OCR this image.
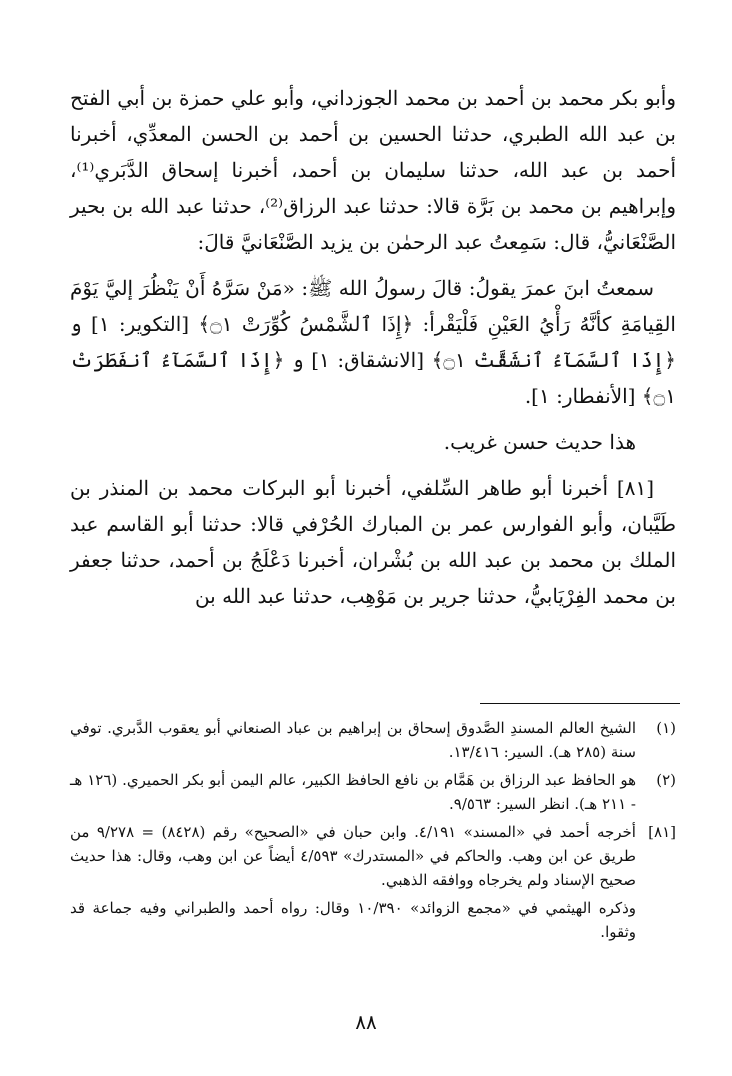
وأبو بكر محمد بن أحمد بن محمد الجوزداني، وأبو علي حمزة بن أبي الفتح بن عبد الله الطبري، حدثنا الحسين بن أحمد بن الحسن المعدِّي، أخبرنا أحمد بن عبد الله، حدثنا سليمان بن أحمد، أخبرنا إسحاق الدَّبَري⁽¹⁾، وإبراهيم بن محمد بن بَرَّة قالا: حدثنا عبد الرزاق⁽²⁾، حدثنا عبد الله بن بحير الصَّنْعَانيُّ، قال: سَمِعتُ عبد الرحمٰن بن يزيد الصَّنْعَانيَّ قالَ:

سمعتُ ابنَ عمرَ يقولُ: قالَ رسولُ الله ﷺ: «مَنْ سَرَّهُ أَنْ يَنْظُرَ إليَّ يَوْمَ القِيامَةِ كأنَّهُ رَأْيُ العَيْنِ فَلْيَقْرأ: ﴿إِذَا ٱلشَّمْسُ كُوِّرَتْ ۝١﴾ [التكوير: ١] و ﴿إِذَا ٱلسَّمَآءُ ٱنشَقَّتْ ۝١﴾ [الانشقاق: ١] و ﴿إِذَا ٱلسَّمَآءُ ٱنفَطَرَتْ ۝١﴾ [الأنفطار: ١].

هذا حديث حسن غريب.

[٨١] أخبرنا أبو طاهر السِّلفي، أخبرنا أبو البركات محمد بن المنذر بن طَيَّبان، وأبو الفوارس عمر بن المبارك الحُرْفي قالا: حدثنا أبو القاسم عبد الملك بن محمد بن عبد الله بن بُشْران، أخبرنا دَعْلَجُ بن أحمد، حدثنا جعفر بن محمد الفِرْيَابيُّ، حدثنا جرير بن مَوْهِب، حدثنا عبد الله بن

(١)
الشيخ العالم المسندِ الصَّدوق إسحاق بن إبراهيم بن عباد الصنعاني أبو يعقوب الدَّبري. توفي سنة (٢٨٥ هـ). السير: ١٣/٤١٦.
(٢)
هو الحافظ عبد الرزاق بن هَمَّام بن نافع الحافظ الكبير، عالم اليمن أبو بكر الحميري. (١٢٦ هـ - ٢١١ هـ). انظر السير: ٩/٥٦٣.
[٨١]
أخرجه أحمد في «المسند» ٤/١٩١. وابن حبان في «الصحيح» رقم (٨٤٢٨) = ٩/٢٧٨ من طريق عن ابن وهب. والحاكم في «المستدرك» ٤/٥٩٣ أيضاً عن ابن وهب، وقال: هذا حديث صحيح الإسناد ولم يخرجاه ووافقه الذهبي.
وذكره الهيثمي في «مجمع الزوائد» ١٠/٣٩٠ وقال: رواه أحمد والطبراني وفيه جماعة قد وثقوا.
٨٨
